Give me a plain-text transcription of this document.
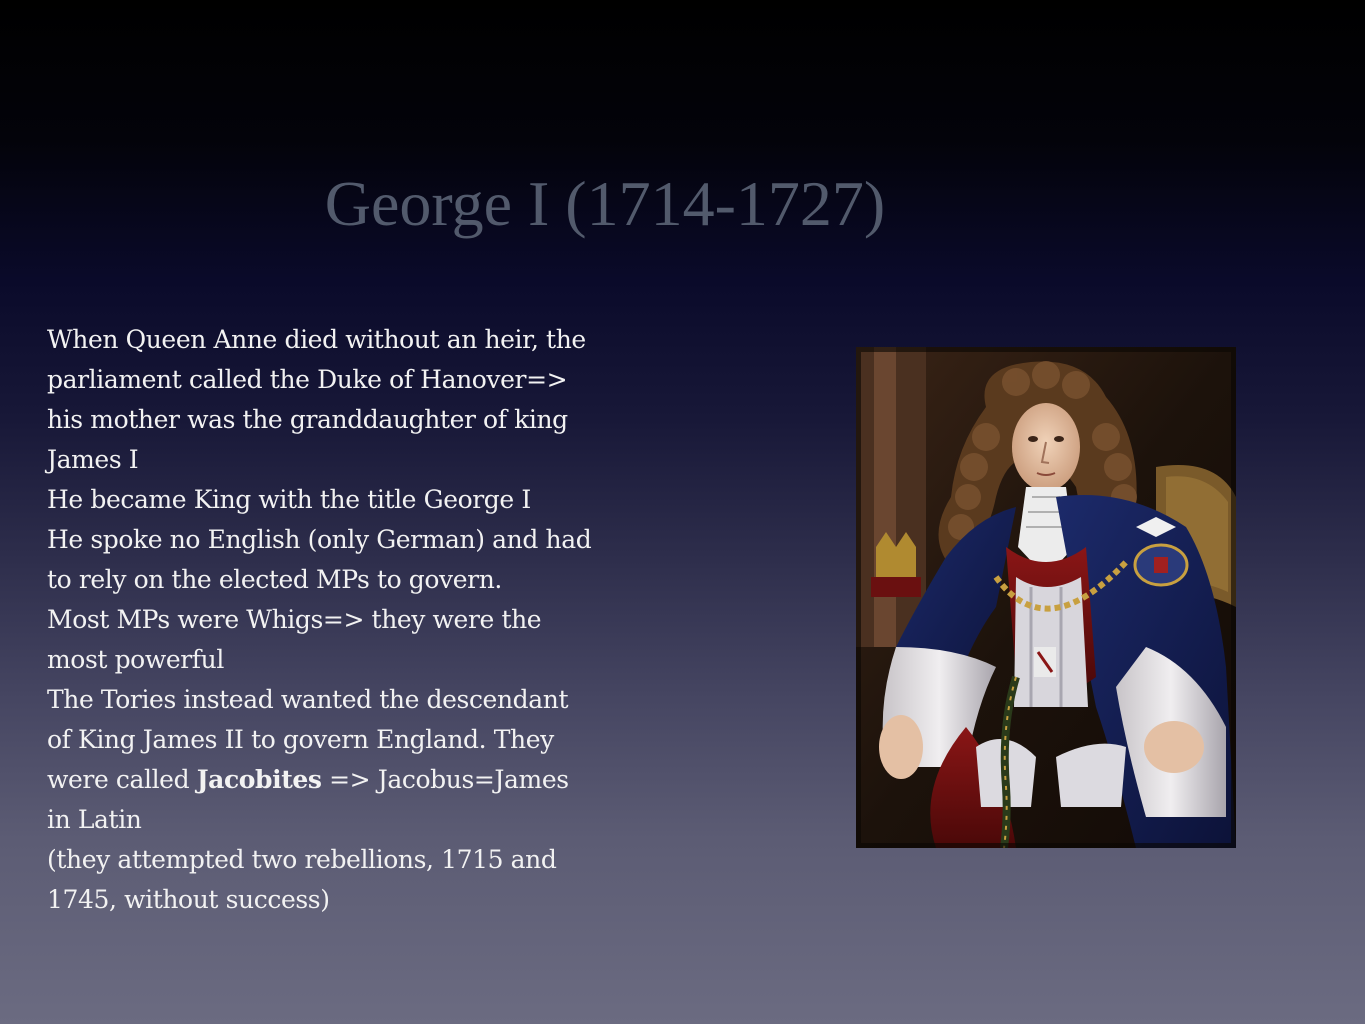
George I (1714-1727)
When Queen Anne died without an heir, the
parliament called the Duke of Hanover=>
his mother was the granddaughter of king
James I
He became King with the title George I
He spoke no English (only German) and had
to rely on the elected MPs to govern.
Most MPs were Whigs=> they were the
most powerful
The Tories instead wanted the descendant
of King James II to govern England. They
were called Jacobites => Jacobus=James
in Latin
(they attempted two rebellions, 1715 and
1745, without success)
